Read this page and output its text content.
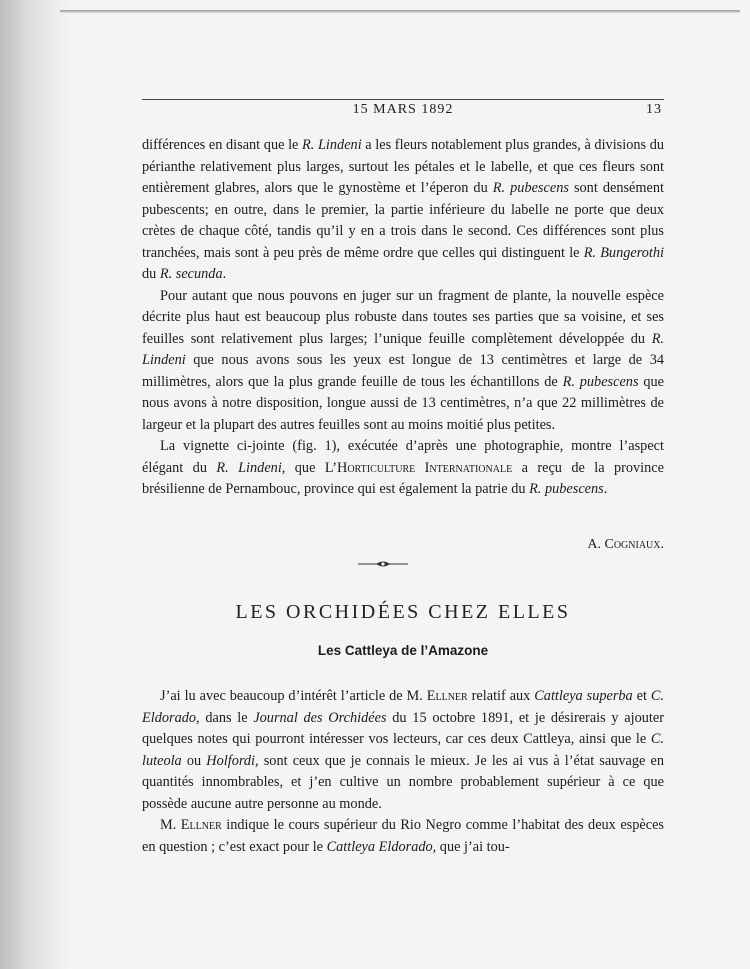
15 MARS 1892	13

différences en disant que le R. Lindeni a les fleurs notablement plus grandes, à divisions du périanthe relativement plus larges, surtout les pétales et le labelle, et que ces fleurs sont entièrement glabres, alors que le gynostème et l’éperon du R. pubescens sont densément pubescents; en outre, dans le premier, la partie inférieure du labelle ne porte que deux crètes de chaque côté, tandis qu’il y en a trois dans le second. Ces différences sont plus tranchées, mais sont à peu près de même ordre que celles qui distinguent le R. Bungerothi du R. secunda.

Pour autant que nous pouvons en juger sur un fragment de plante, la nouvelle espèce décrite plus haut est beaucoup plus robuste dans toutes ses parties que sa voisine, et ses feuilles sont relativement plus larges; l’unique feuille complètement développée du R. Lindeni que nous avons sous les yeux est longue de 13 centimètres et large de 34 millimètres, alors que la plus grande feuille de tous les échantillons de R. pubescens que nous avons à notre disposition, longue aussi de 13 centimètres, n’a que 22 millimètres de largeur et la plupart des autres feuilles sont au moins moitié plus petites.

La vignette ci-jointe (fig. 1), exécutée d’après une photographie, montre l’aspect élégant du R. Lindeni, que L’Horticulture Internationale a reçu de la province brésilienne de Pernambouc, province qui est également la patrie du R. pubescens.

A. Cogniaux.
LES ORCHIDÉES CHEZ ELLES
Les Cattleya de l’Amazone

J’ai lu avec beaucoup d’intérêt l’article de M. Ellner relatif aux Cattleya superba et C. Eldorado, dans le Journal des Orchidées du 15 octobre 1891, et je désirerais y ajouter quelques notes qui pourront intéresser vos lecteurs, car ces deux Cattleya, ainsi que le C. luteola ou Holfordi, sont ceux que je connais le mieux. Je les ai vus à l’état sauvage en quantités innombrables, et j’en cultive un nombre probablement supérieur à ce que possède aucune autre personne au monde.

M. Ellner indique le cours supérieur du Rio Negro comme l’habitat des deux espèces en question ; c’est exact pour le Cattleya Eldorado, que j’ai tou-
